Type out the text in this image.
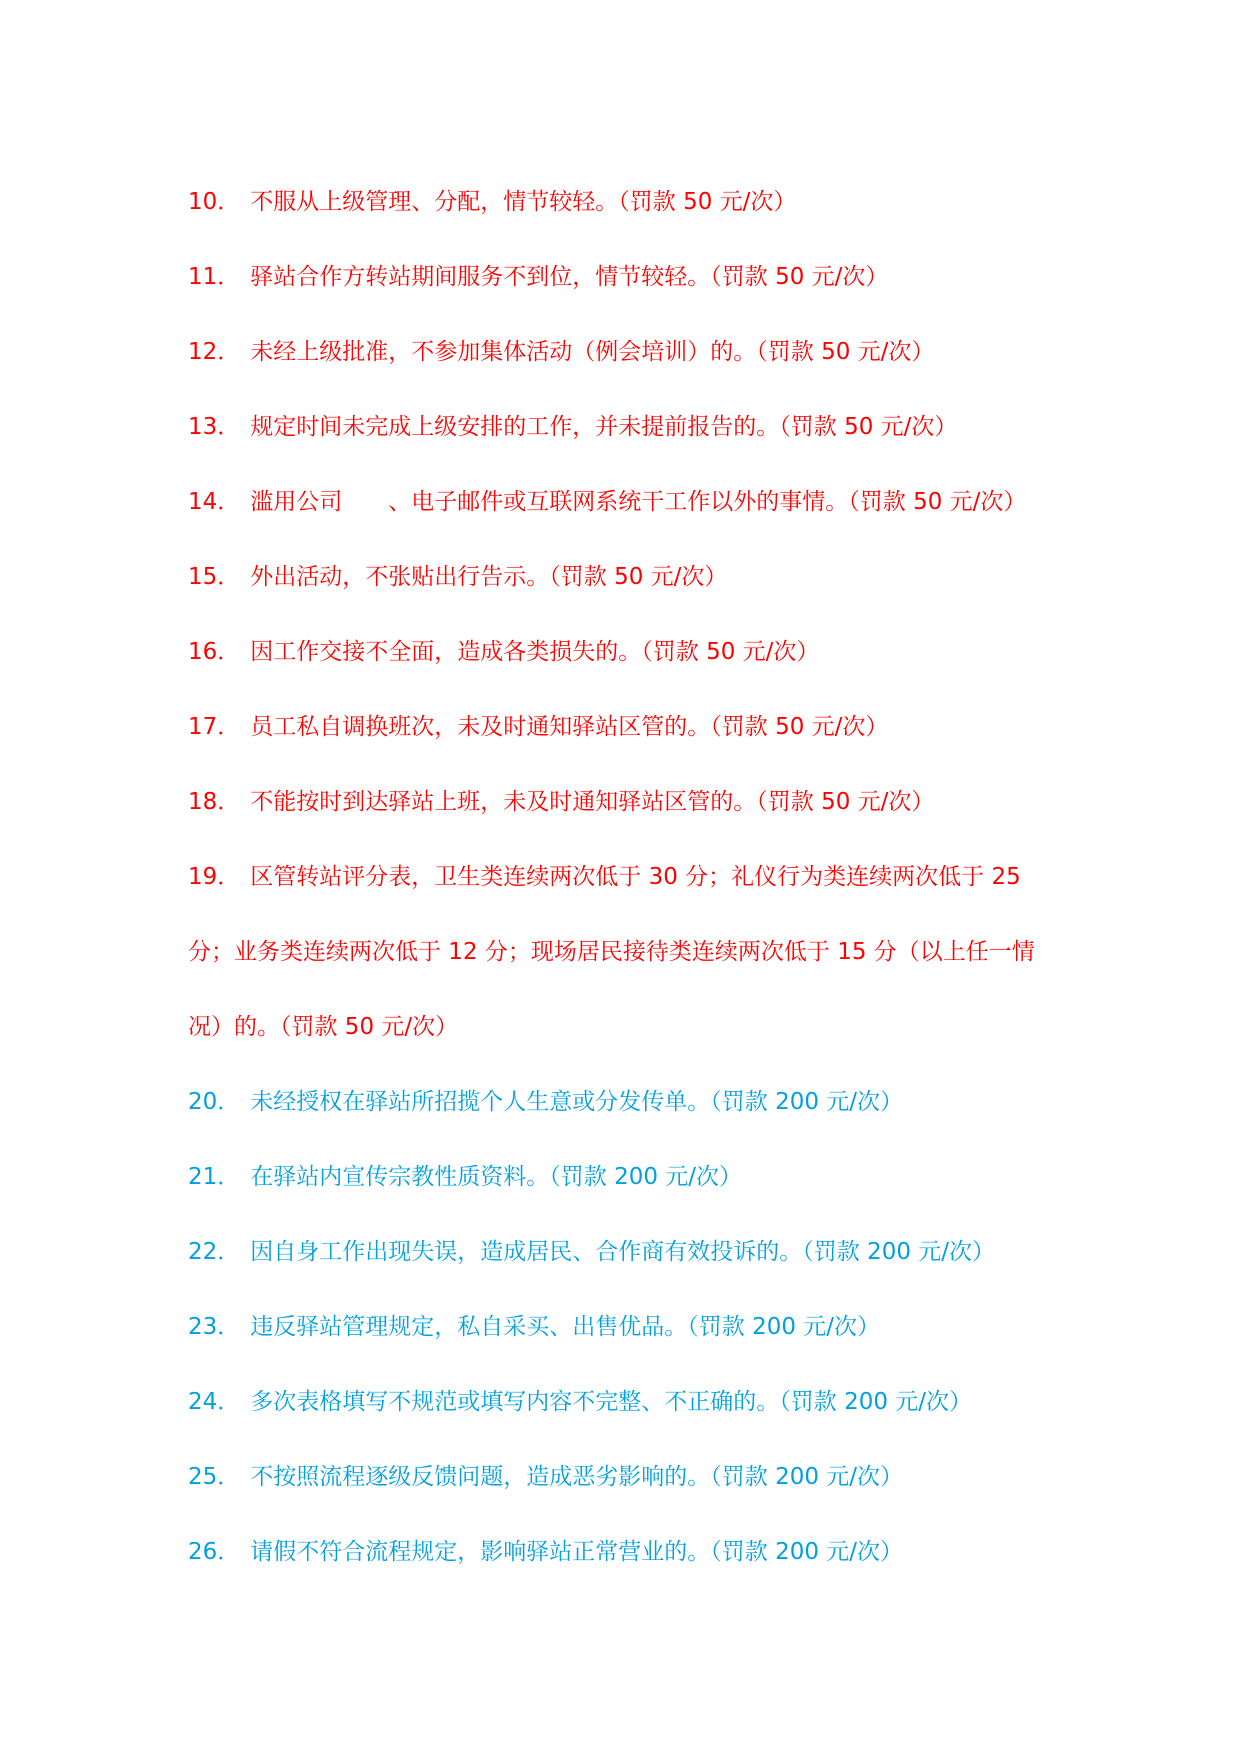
10． 不服从上级管理、分配，情节较轻。（罚款 50 元/次）
11． 驿站合作方转站期间服务不到位，情节较轻。（罚款 50 元/次）
12． 未经上级批准，不参加集体活动（例会培训）的。（罚款 50 元/次）
13． 规定时间未完成上级安排的工作，并未提前报告的。（罚款 50 元/次）
14． 滥用公司　　、电子邮件或互联网系统干工作以外的事情。（罚款 50 元/次）
15． 外出活动，不张贴出行告示。（罚款 50 元/次）
16． 因工作交接不全面，造成各类损失的。（罚款 50 元/次）
17． 员工私自调换班次，未及时通知驿站区管的。（罚款 50 元/次）
18． 不能按时到达驿站上班，未及时通知驿站区管的。（罚款 50 元/次）
19． 区管转站评分表，卫生类连续两次低于 30 分；礼仪行为类连续两次低于 25 分；业务类连续两次低于 12 分；现场居民接待类连续两次低于 15 分（以上任一情况）的。（罚款 50 元/次）
20． 未经授权在驿站所招揽个人生意或分发传单。（罚款 200 元/次）
21． 在驿站内宣传宗教性质资料。（罚款 200 元/次）
22． 因自身工作出现失误，造成居民、合作商有效投诉的。（罚款 200 元/次）
23． 违反驿站管理规定，私自采买、出售优品。（罚款 200 元/次）
24． 多次表格填写不规范或填写内容不完整、不正确的。（罚款 200 元/次）
25． 不按照流程逐级反馈问题，造成恶劣影响的。（罚款 200 元/次）
26． 请假不符合流程规定，影响驿站正常营业的。（罚款 200 元/次）
